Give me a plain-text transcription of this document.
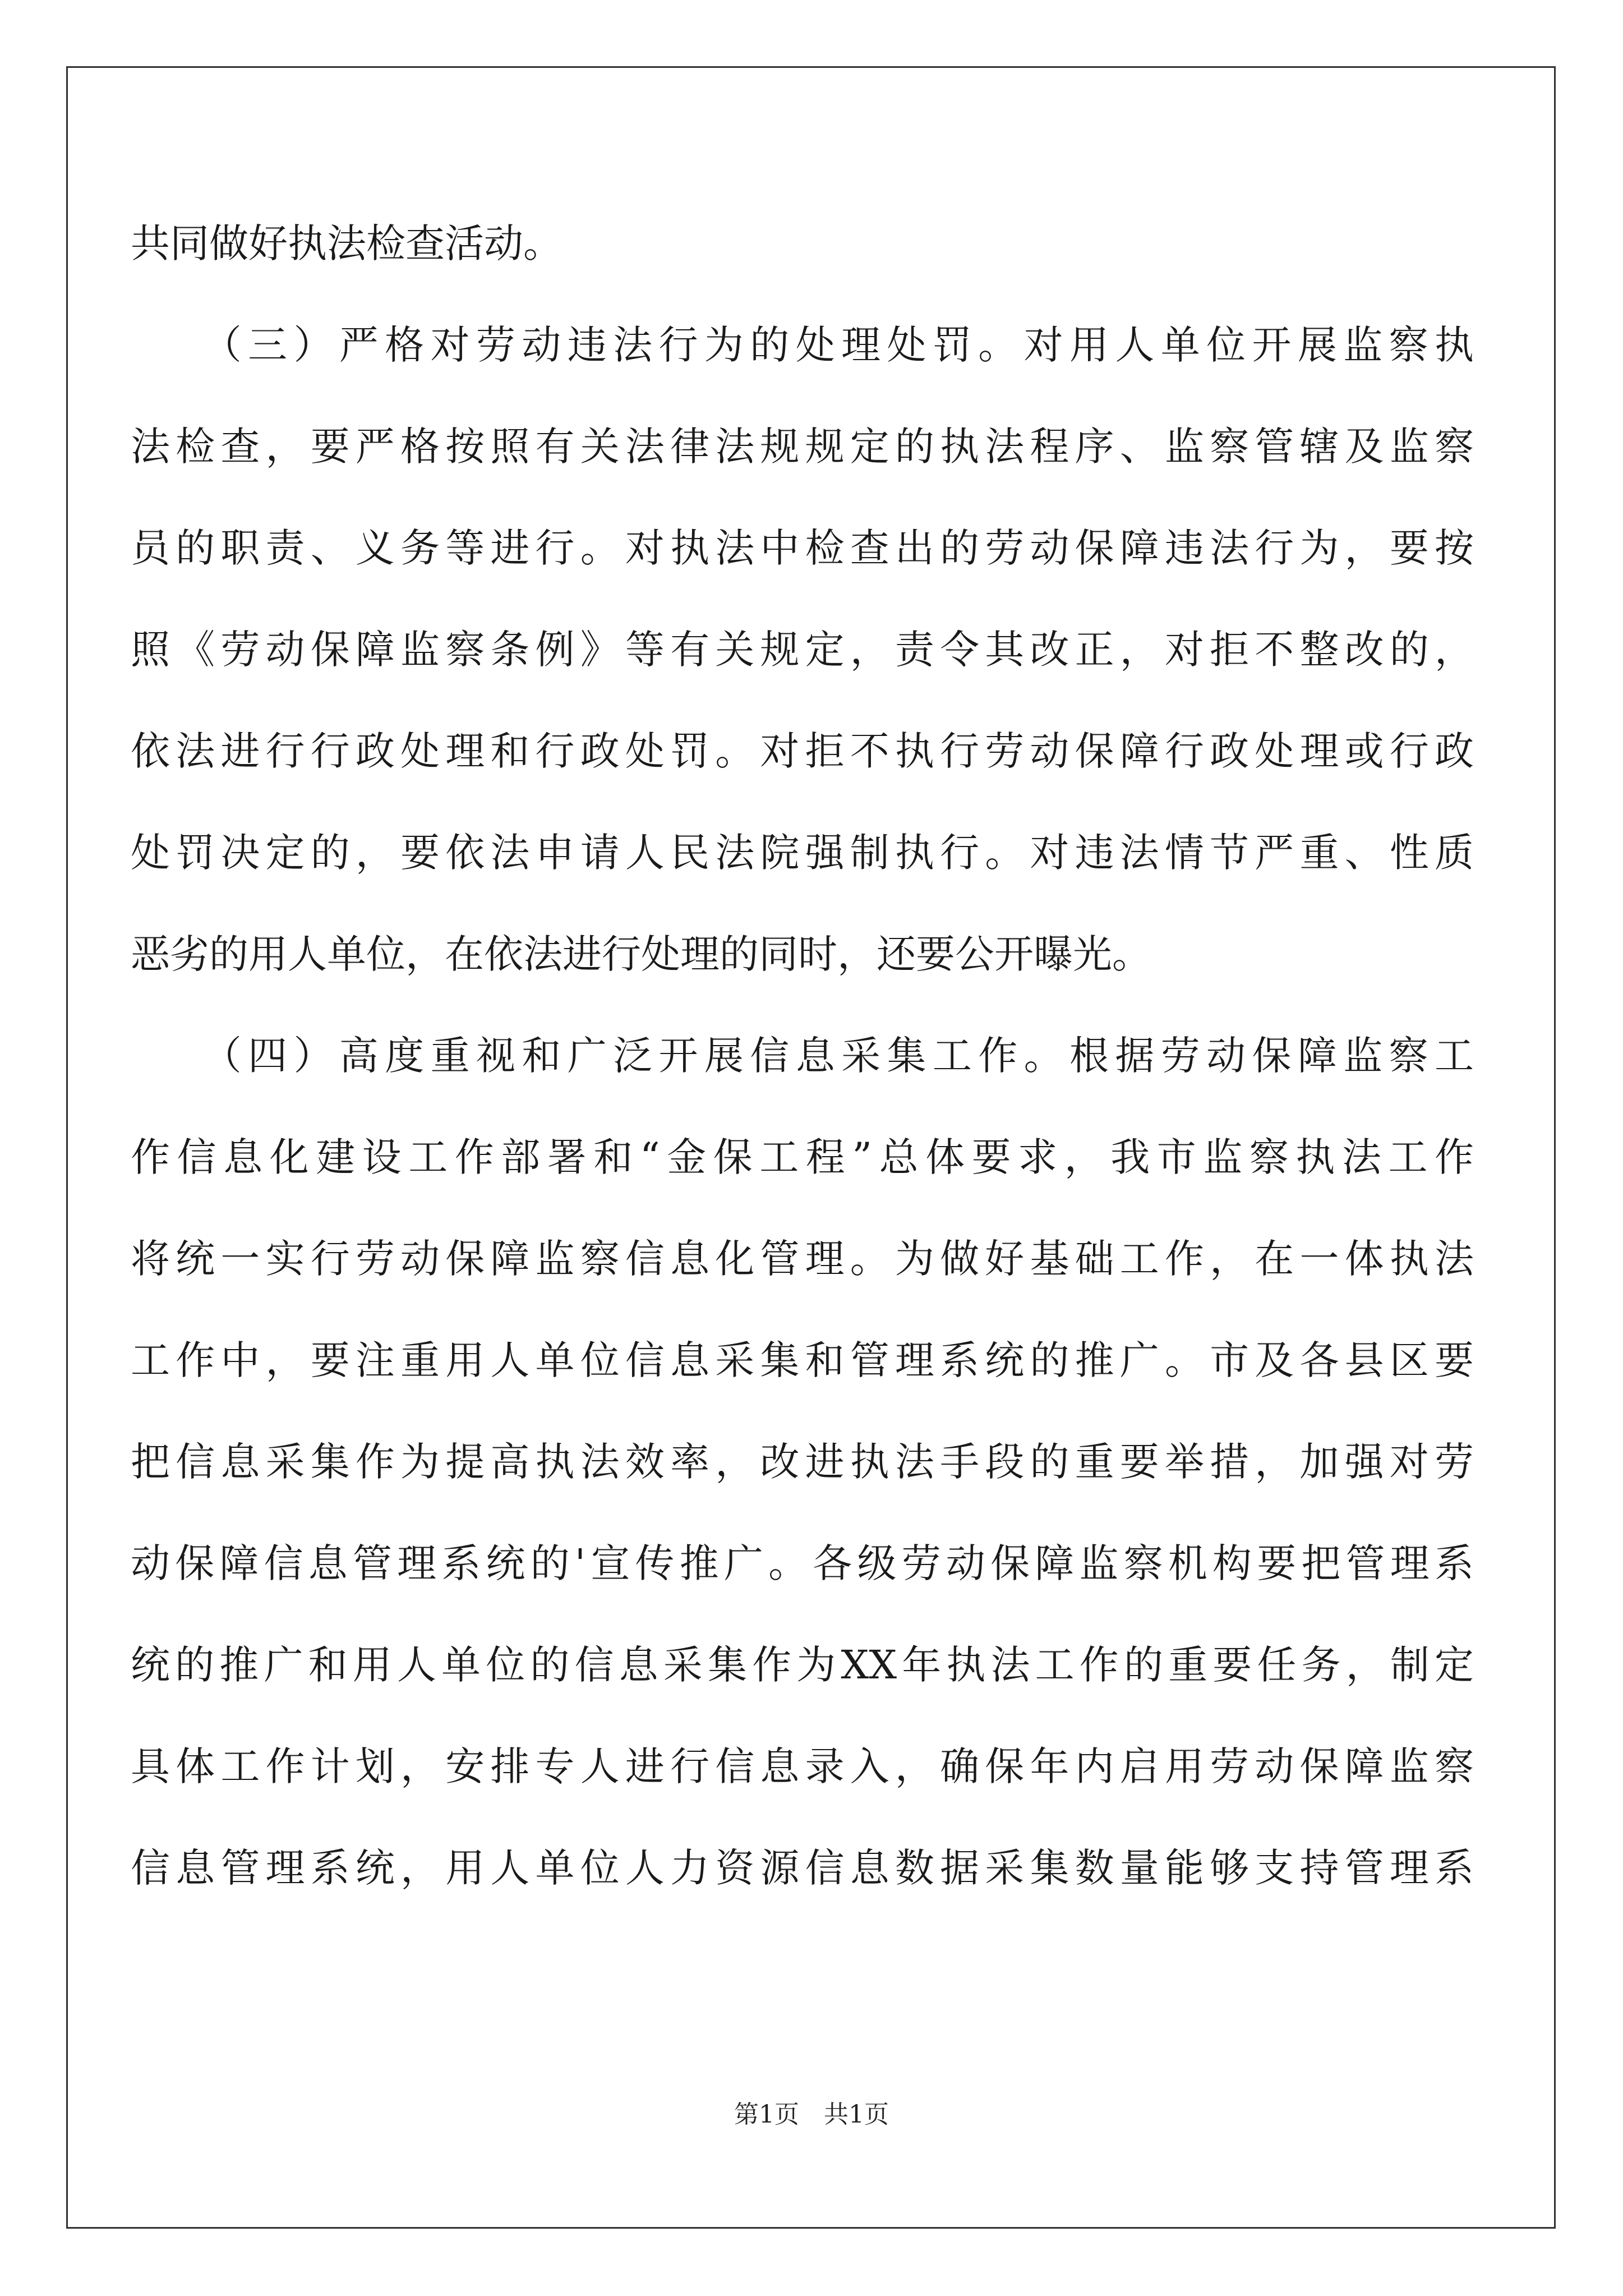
共同做好执法检查活动。
　　（三）严格对劳动违法行为的处理处罚。对用人单位开展监察执
法检查，要严格按照有关法律法规规定的执法程序、监察管辖及监察
员的职责、义务等进行。对执法中检查出的劳动保障违法行为，要按
照《劳动保障监察条例》等有关规定，责令其改正，对拒不整改的，
依法进行行政处理和行政处罚。对拒不执行劳动保障行政处理或行政
处罚决定的，要依法申请人民法院强制执行。对违法情节严重、性质
恶劣的用人单位，在依法进行处理的同时，还要公开曝光。
　　（四）高度重视和广泛开展信息采集工作。根据劳动保障监察工
作信息化建设工作部署和“金保工程”总体要求，我市监察执法工作
将统一实行劳动保障监察信息化管理。为做好基础工作，在一体执法
工作中，要注重用人单位信息采集和管理系统的推广。市及各县区要
把信息采集作为提高执法效率，改进执法手段的重要举措，加强对劳
动保障信息管理系统的'宣传推广。各级劳动保障监察机构要把管理系
统的推广和用人单位的信息采集作为XX年执法工作的重要任务，制定
具体工作计划，安排专人进行信息录入，确保年内启用劳动保障监察
信息管理系统，用人单位人力资源信息数据采集数量能够支持管理系
第1页　共1页
